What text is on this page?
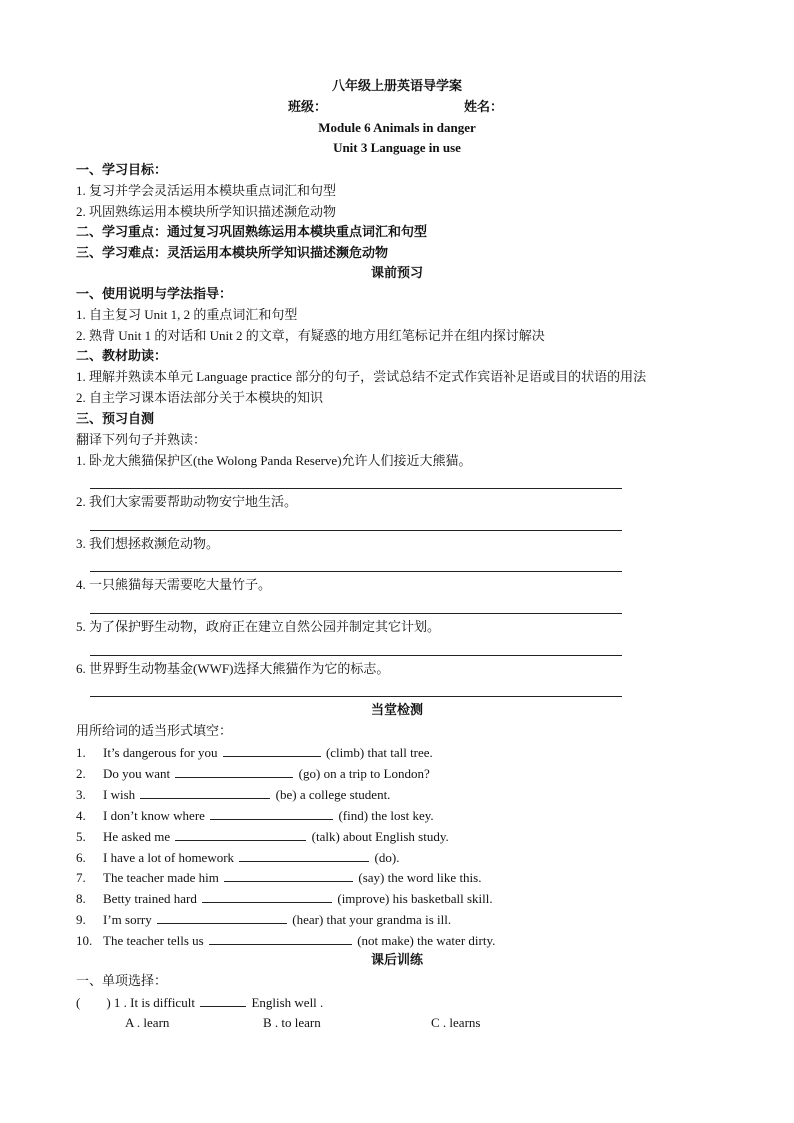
八年级上册英语导学案
班级：	姓名：
Module 6 Animals in danger
Unit 3 Language in use
一、学习目标：
1. 复习并学会灵活运用本模块重点词汇和句型
2. 巩固熟练运用本模块所学知识描述濒危动物
二、学习重点：通过复习巩固熟练运用本模块重点词汇和句型
三、学习难点：灵活运用本模块所学知识描述濒危动物
课前预习
一、使用说明与学法指导：
1. 自主复习 Unit 1, 2 的重点词汇和句型
2. 熟背 Unit 1 的对话和 Unit 2 的文章，有疑惑的地方用红笔标记并在组内探讨解决
二、教材助读：
1. 理解并熟读本单元 Language practice 部分的句子，尝试总结不定式作宾语补足语或目的状语的用法
2. 自主学习课本语法部分关于本模块的知识
三、预习自测
翻译下列句子并熟读：
1. 卧龙大熊猫保护区(the Wolong Panda Reserve)允许人们接近大熊猫。
2. 我们大家需要帮助动物安宁地生活。
3. 我们想拯救濒危动物。
4. 一只熊猫每天需要吃大量竹子。
5. 为了保护野生动物，政府正在建立自然公园并制定其它计划。
6. 世界野生动物基金(WWF)选择大熊猫作为它的标志。
当堂检测
用所给词的适当形式填空：
1. It’s dangerous for you	(climb) that tall tree.
2. Do you want	(go) on a trip to London?
3. I wish	(be) a college student.
4. I don’t know where	(find) the lost key.
5. He asked me	(talk) about English study.
6. I have a lot of homework	(do).
7. The teacher made him	(say) the word like this.
8. Betty trained hard	(improve) his basketball skill.
9. I’m sorry	(hear) that your grandma is ill.
10. The teacher tells us	(not make) the water dirty.
课后训练
一、单项选择：
(　　) 1 . It is difficult	English well .
A . learn	B . to learn	C . learns
